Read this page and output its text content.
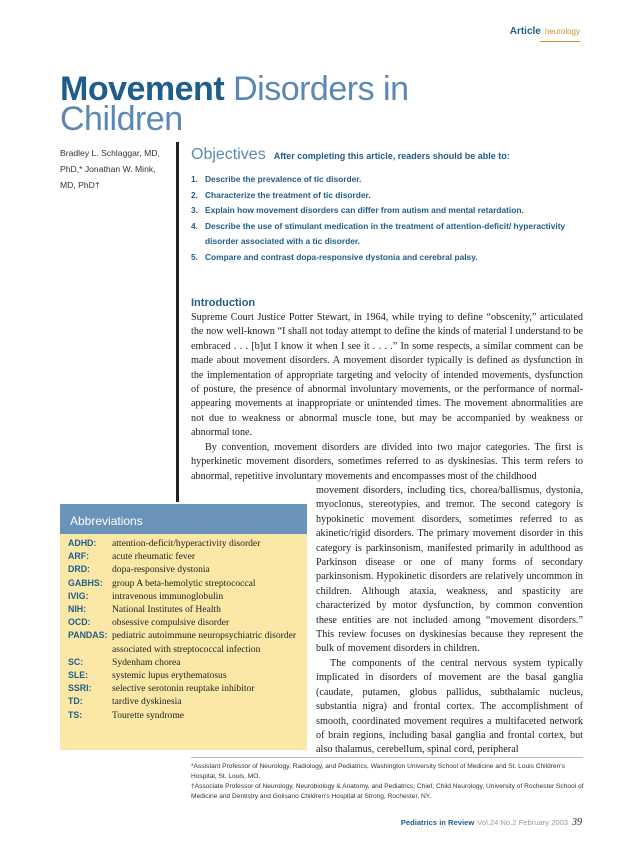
Article neurology
Movement Disorders in
Children
Bradley L. Schlaggar, MD,
PhD,* Jonathan W. Mink,
MD, PhD†
Objectives After completing this article, readers should be able to:
1. Describe the prevalence of tic disorder.
2. Characterize the treatment of tic disorder.
3. Explain how movement disorders can differ from autism and mental retardation.
4. Describe the use of stimulant medication in the treatment of attention-deficit/ hyperactivity disorder associated with a tic disorder.
5. Compare and contrast dopa-responsive dystonia and cerebral palsy.
Introduction
Supreme Court Justice Potter Stewart, in 1964, while trying to define “obscenity,” articulated the now well-known “I shall not today attempt to define the kinds of material I understand to be embraced . . . [b]ut I know it when I see it . . . .” In some respects, a similar comment can be made about movement disorders. A movement disorder typically is defined as dysfunction in the implementation of appropriate targeting and velocity of intended movements, dysfunction of posture, the presence of abnormal involuntary movements, or the performance of normal-appearing movements at inappropriate or unintended times. The movement abnormalities are not due to weakness or abnormal muscle tone, but may be accompanied by weakness or abnormal tone.
By convention, movement disorders are divided into two major categories. The first is hyperkinetic movement disorders, sometimes referred to as dyskinesias. This term refers to abnormal, repetitive involuntary movements and encompasses most of the childhood
movement disorders, including tics, chorea/ballismus, dystonia, myoclonus, stereotypies, and tremor. The second category is hypokinetic movement disorders, sometimes referred to as akinetic/rigid disorders. The primary movement disorder in this category is parkinsonism, manifested primarily in adulthood as Parkinson disease or one of many forms of secondary parkinsonism. Hypokinetic disorders are relatively uncommon in children. Although ataxia, weakness, and spasticity are characterized by motor dysfunction, by common convention these entities are not included among “movement disorders.” This review focuses on dyskinesias because they represent the bulk of movement disorders in children.
The components of the central nervous system typically implicated in disorders of movement are the basal ganglia (caudate, putamen, globus pallidus, subthalamic nucleus, substantia nigra) and frontal cortex. The accomplishment of smooth, coordinated movement requires a multifaceted network of brain regions, including basal ganglia and frontal cortex, but also thalamus, cerebellum, spinal cord, peripheral
Abbreviations
ADHD:	attention-deficit/hyperactivity disorder
ARF:	acute rheumatic fever
DRD:	dopa-responsive dystonia
GABHS: group A beta-hemolytic streptococcal
IVIG:	intravenous immunoglobulin
NIH:	National Institutes of Health
OCD:	obsessive compulsive disorder
PANDAS: pediatric autoimmune neuropsychiatric disorder associated with streptococcal infection
SC:	Sydenham chorea
SLE:	systemic lupus erythematosus
SSRI:	selective serotonin reuptake inhibitor
TD:	tardive dyskinesia
TS:	Tourette syndrome
*Assistant Professor of Neurology, Radiology, and Pediatrics, Washington University School of Medicine and St. Louis Children's Hospital, St. Louis, MO.
†Associate Professor of Neurology, Neurobiology & Anatomy, and Pediatrics; Chief, Child Neurology, University of Rochester School of Medicine and Dentistry and Golisano Children's Hospital at Strong, Rochester, NY.
Pediatrics in Review Vol.24 No.2 February 2003 39
